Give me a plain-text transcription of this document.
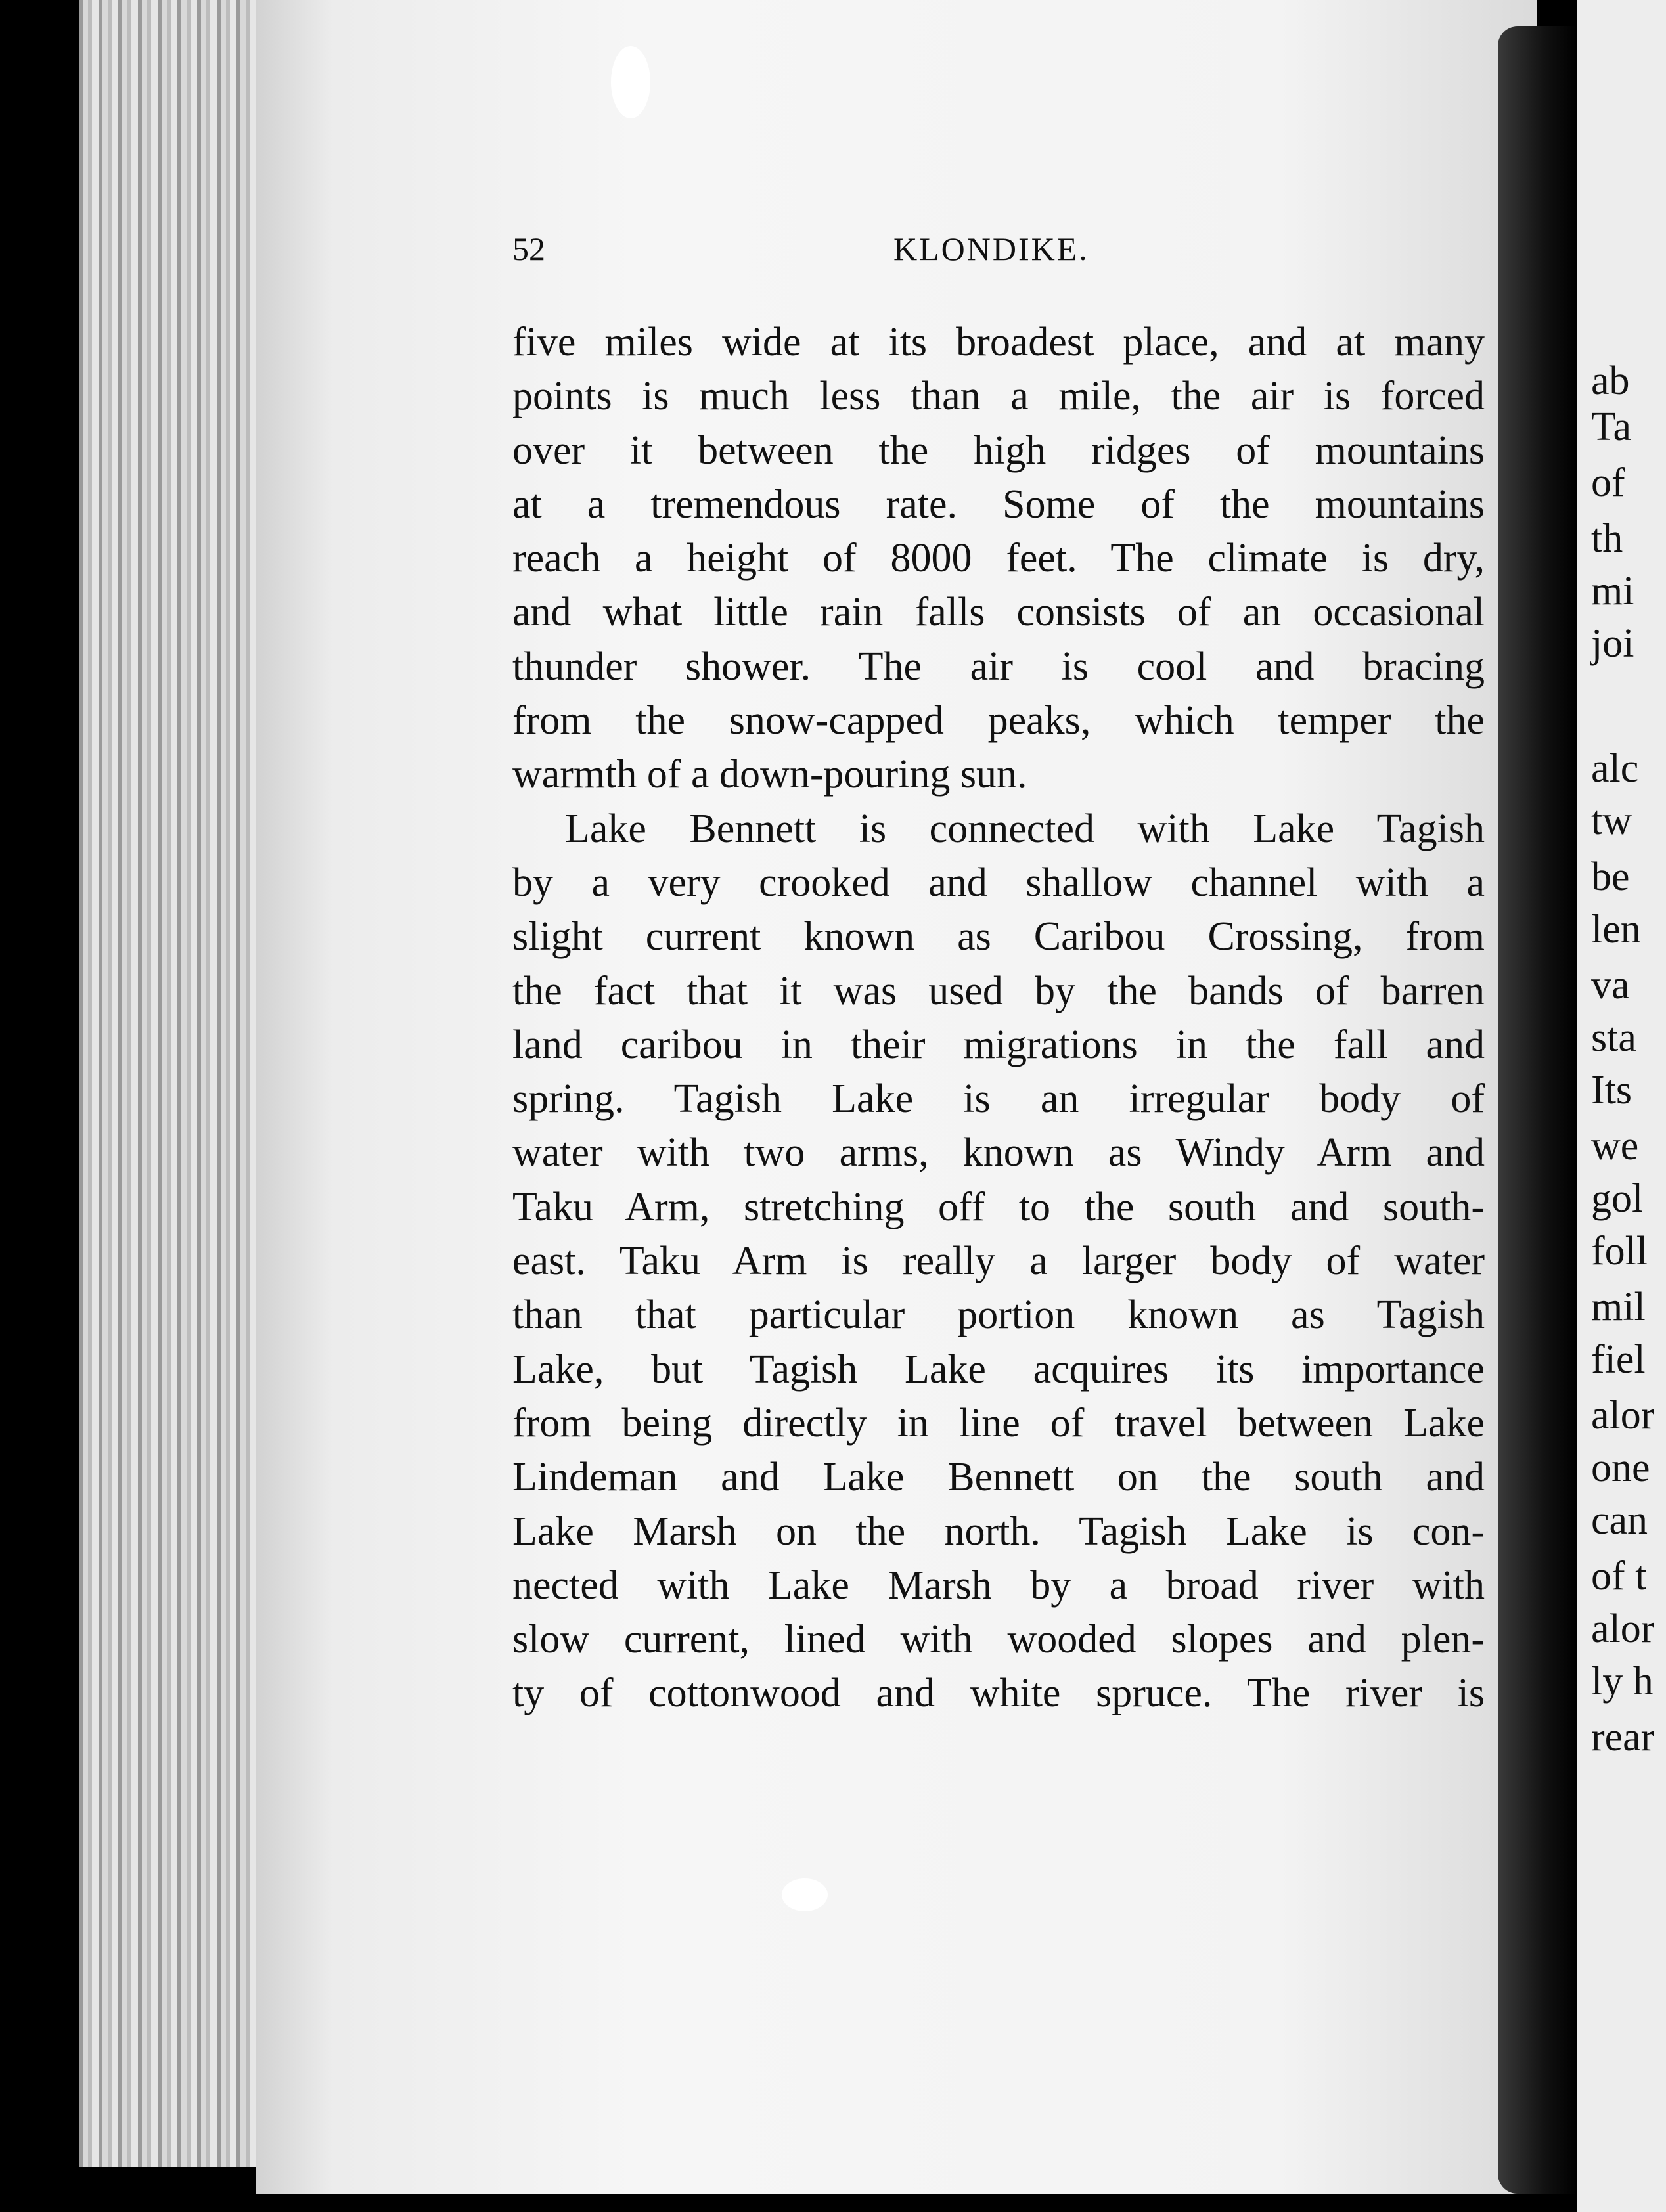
ab
Ta
of
th
mi
joi
alc
tw
be
len
va
sta
Its
we
gol
foll
mil
fiel
alor
one
can
of t
alor
ly h
rear
52	KLONDIKE.
five miles wide at its broadest place, and at many
points is much less than a mile, the air is forced
over it between the high ridges of mountains
at a tremendous rate. Some of the mountains
reach a height of 8000 feet. The climate is dry,
and what little rain falls consists of an occasional
thunder shower. The air is cool and bracing
from the snow-capped peaks, which temper the
warmth of a down-pouring sun.
Lake Bennett is connected with Lake Tagish
by a very crooked and shallow channel with a
slight current known as Caribou Crossing, from
the fact that it was used by the bands of barren
land caribou in their migrations in the fall and
spring. Tagish Lake is an irregular body of
water with two arms, known as Windy Arm and
Taku Arm, stretching off to the south and south-
east. Taku Arm is really a larger body of water
than that particular portion known as Tagish
Lake, but Tagish Lake acquires its importance
from being directly in line of travel between Lake
Lindeman and Lake Bennett on the south and
Lake Marsh on the north. Tagish Lake is con-
nected with Lake Marsh by a broad river with
slow current, lined with wooded slopes and plen-
ty of cottonwood and white spruce. The river is
